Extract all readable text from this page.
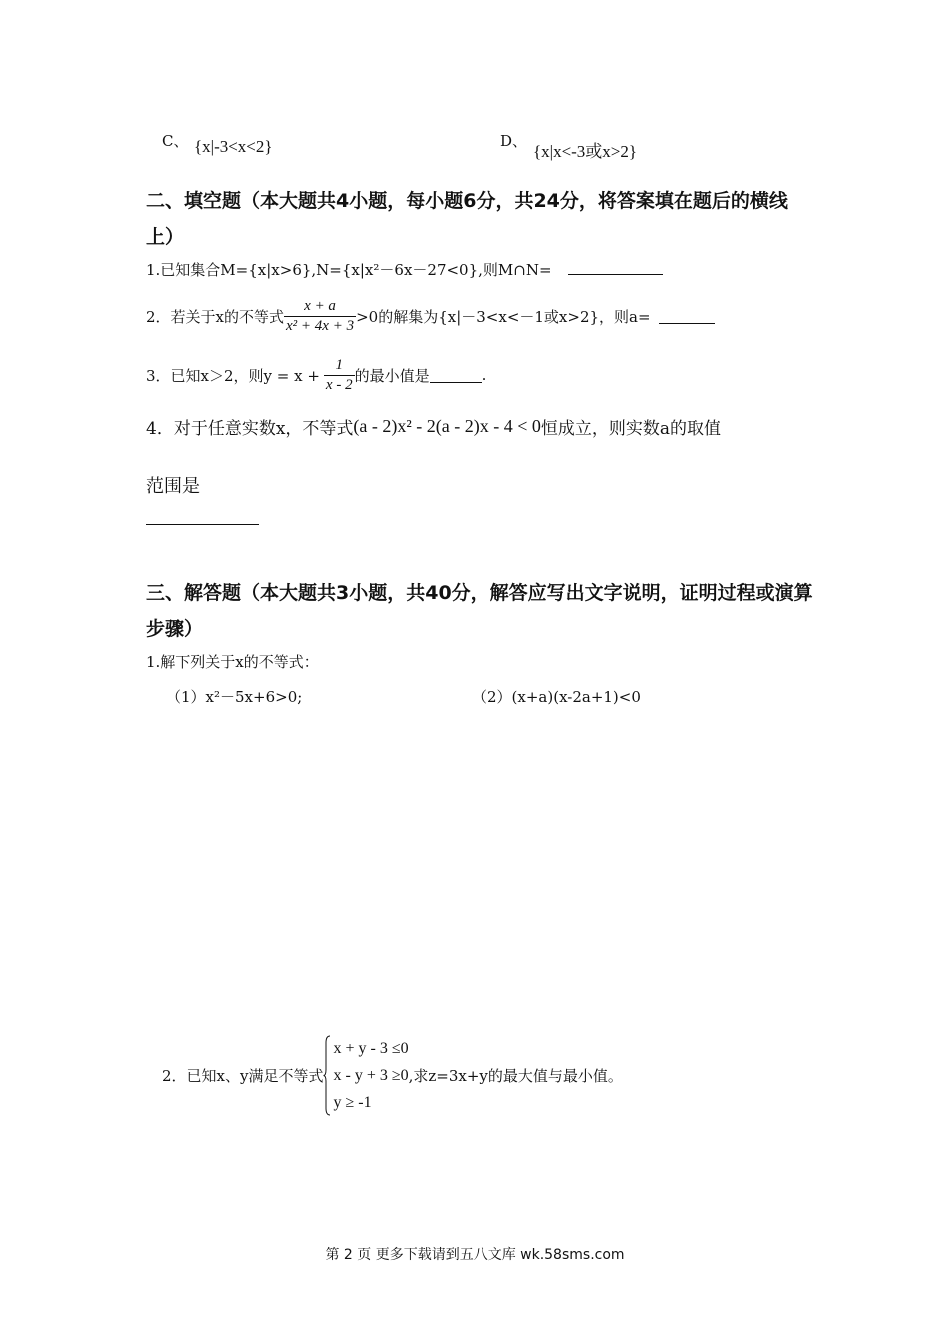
C、 {x|-3<x<2}	D、
{x|x<-3或x>2}
二、填空题（本大题共4小题，每小题6分，共24分，将答案填在题后的横线
上）
1.已知集合M={x|x>6},N={x|x²－6x－27<0},则M∩N=
2．若关于x的不等式 $\frac{x + a}{\text{x² + 4x + 3}} >0$的解集为{x|－3<x<－1或x>2}，则a=
3．已知x＞2，则$y = x + \frac{1}{x - 2}$ 的最小值是	.
4．对于任意实数x，不等式 (a - 2)x² - 2(a - 2)x - 4 < 0 恒成立，则实数a的取值
范围是
三、解答题（本大题共3小题，共40分，解答应写出文字说明，证明过程或演算
步骤）
1.解下列关于x的不等式：
（1）x²－5x+6>0;	（2）(x+a)(x-2a+1)<0
2．已知x、y满足不等式
x + y - 3 ≤0
x - y + 3 ≥0
y ≥ -1
,求z=3x+y的最大值与最小值。
第 2 页 更多下载请到五八文库 wk.58sms.com
